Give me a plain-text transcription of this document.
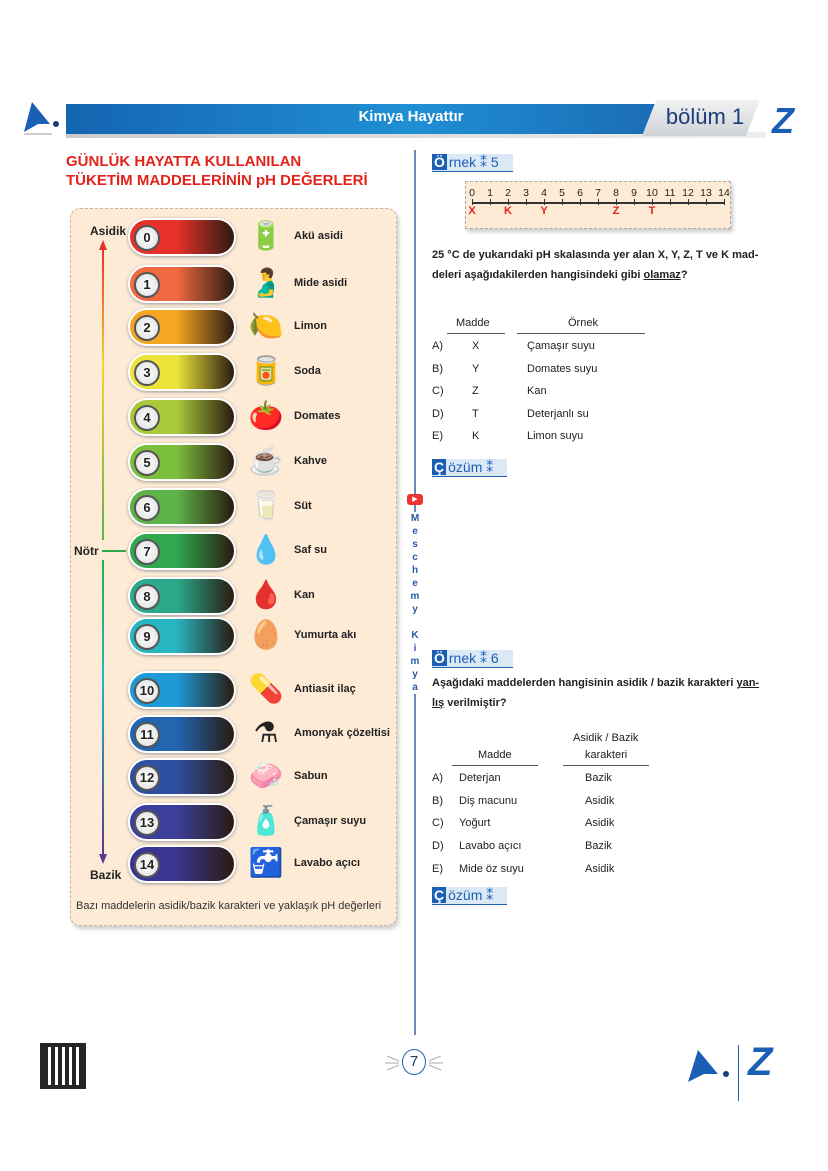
Kimya Hayattır	bölüm 1 Z
GÜNLÜK HAYATTA KULLANILAN
TÜKETİM MADDELERİNİN pH DEĞERLERİ
Asidik
Nötr
Bazik
0	🔋 Akü asidi
1	🫃 Mide asidi
2	🍋 Limon
3	🥫 Soda
4	🍅 Domates
5	☕ Kahve
6	🥛 Süt
7	💧 Saf su
8	🩸 Kan
9	🥚 Yumurta akı
10	💊 Antiasit ilaç
11	⚗	Amonyak çözeltisi
12	🧼 Sabun
13	🧴 Çamaşır suyu
14	🚰 Lavabo açıcı
Bazı maddelerin asidik/bazik karakteri ve yaklaşık pH değerleri
▶
M
e
s
c
h
e
m
y

K
i
m
y
a
Ö rnek ⁑ 5
0	1	2	3	4	5	6	7	8	9 10 11 12 13 14
X	K	Y	Z	T
25 °C de yukarıdaki pH skalasında yer alan X, Y, Z, T ve K mad-
deleri aşağıdakilerden hangisindeki gibi olamaz?
Madde	Örnek
A)	X	Çamaşır suyu
B)	Y	Domates suyu
C)	Z	Kan
D)	T	Deterjanlı su
E)	K	Limon suyu
Ç özüm ⁑
Ö rnek ⁑ 6
Aşağıdaki maddelerden hangisinin asidik / bazik karakteri yan-
lış verilmiştir?
Madde
Asidik / Bazik
karakteri
A) Deterjan	Bazik
B) Diş macunu	Asidik
C) Yoğurt	Asidik
D) Lavabo açıcı	Bazik
E) Mide öz suyu	Asidik
Ç özüm ⁑
7	Z
